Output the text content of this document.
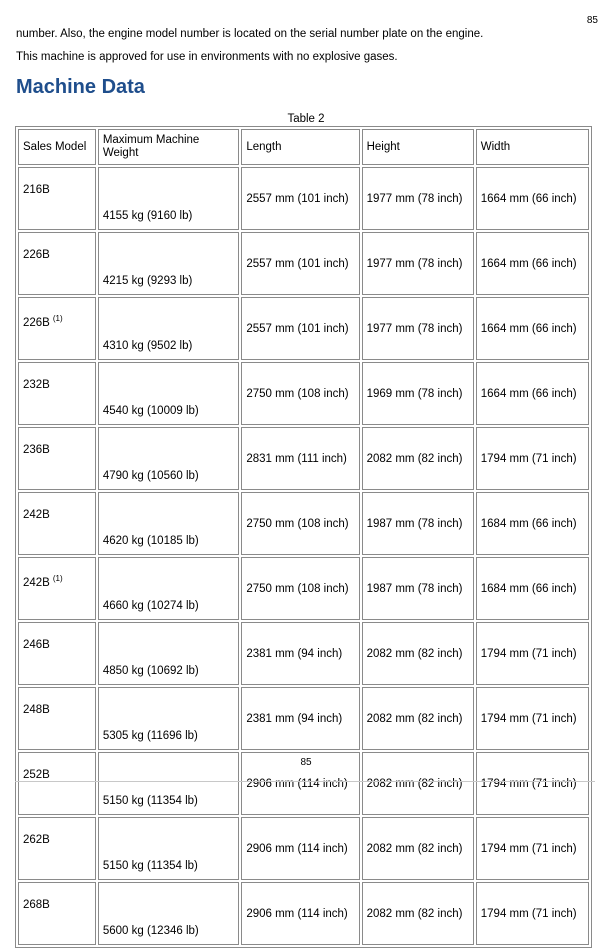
85

number. Also, the engine model number is located on the serial number plate on the engine.

This machine is approved for use in environments with no explosive gases.

Machine Data
Table 2
Sales Model	Maximum Machine Weight	Length	Height	Width
216B	4155 kg (9160 lb)	2557 mm (101 inch)	1977 mm (78 inch)	1664 mm (66 inch)
226B	4215 kg (9293 lb)	2557 mm (101 inch)	1977 mm (78 inch)	1664 mm (66 inch)
226B $^{(1)}$	4310 kg (9502 lb)	2557 mm (101 inch)	1977 mm (78 inch)	1664 mm (66 inch)
232B	4540 kg (10009 lb)	2750 mm (108 inch)	1969 mm (78 inch)	1664 mm (66 inch)
236B	4790 kg (10560 lb)	2831 mm (111 inch)	2082 mm (82 inch)	1794 mm (71 inch)
242B	4620 kg (10185 lb)	2750 mm (108 inch)	1987 mm (78 inch)	1684 mm (66 inch)
242B $^{(1)}$	4660 kg (10274 lb)	2750 mm (108 inch)	1987 mm (78 inch)	1684 mm (66 inch)
246B	4850 kg (10692 lb)	2381 mm (94 inch)	2082 mm (82 inch)	1794 mm (71 inch)
248B	5305 kg (11696 lb)	2381 mm (94 inch)	2082 mm (82 inch)	1794 mm (71 inch)
252B	5150 kg (11354 lb)	2906 mm (114 inch)	2082 mm (82 inch)	1794 mm (71 inch)
262B	5150 kg (11354 lb)	2906 mm (114 inch)	2082 mm (82 inch)	1794 mm (71 inch)
268B	5600 kg (12346 lb)	2906 mm (114 inch)	2082 mm (82 inch)	1794 mm (71 inch)
85
